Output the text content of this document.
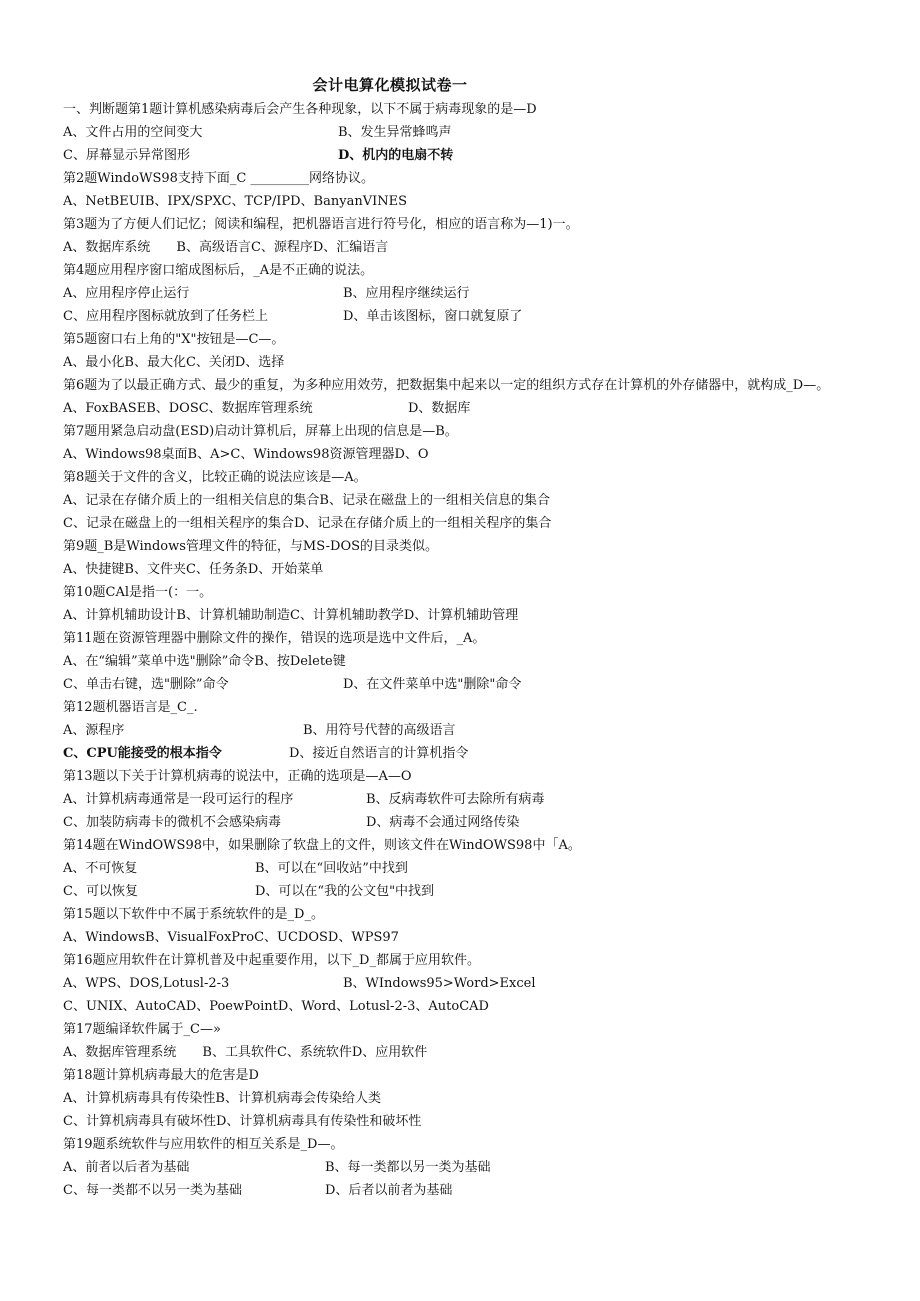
会计电算化模拟试卷一
一、判断题第1题计算机感染病毒后会产生各种现象，以下不属于病毒现象的是—D
A、文件占用的空间变大	B、发生异常蜂鸣声
C、屏幕显示异常图形	D、机内的电扇不转
第2题WindoWS98支持下面_C _________网络协议。
A、NetBEUIB、IPX/SPXC、TCP/IPD、BanyanVINES
第3题为了方便人们记忆；阅读和编程，把机器语言进行符号化，相应的语言称为—1)一。
A、数据库系统　　B、高级语言C、源程序D、汇编语言
第4题应用程序窗口缩成图标后，_A是不正确的说法。
A、应用程序停止运行	B、应用程序继续运行
C、应用程序图标就放到了任务栏上	D、单击该图标，窗口就复原了
第5题窗口右上角的"X"按钮是—C—。
A、最小化B、最大化C、关闭D、选择
第6题为了以最正确方式、最少的重复，为多种应用效劳，把数据集中起来以一定的组织方式存在计算机的外存储器中，就构成_D—。
A、FoxBASEB、DOSC、数据库管理系统	D、数据库
第7题用紧急启动盘(ESD)启动计算机后，屏幕上出现的信息是—B。
A、Windows98桌面B、A>C、Windows98资源管理器D、O
第8题关于文件的含义，比较正确的说法应该是—A。
A、记录在存储介质上的一组相关信息的集合B、记录在磁盘上的一组相关信息的集合
C、记录在磁盘上的一组相关程序的集合D、记录在存储介质上的一组相关程序的集合
第9题_B是Windows管理文件的特征，与MS-DOS的目录类似。
A、快捷键B、文件夹C、任务条D、开始菜单
第10题CAl是指一(：一。
A、计算机辅助设计B、计算机辅助制造C、计算机辅助教学D、计算机辅助管理
第11题在资源管理器中删除文件的操作，错误的选项是选中文件后，_A。
A、在“编辑”菜单中选"删除”命令B、按Delete键
C、单击右键，选"删除”命令	D、在文件菜单中选"删除"命令
第12题机器语言是_C_.
A、源程序	B、用符号代替的高级语言
C、CPU能接受的根本指令	D、接近自然语言的计算机指令
第13题以下关于计算机病毒的说法中，正确的选项是—A—O
A、计算机病毒通常是一段可运行的程序	B、反病毒软件可去除所有病毒
C、加装防病毒卡的微机不会感染病毒	D、病毒不会通过网络传染
第14题在WindOWS98中，如果删除了软盘上的文件，则该文件在WindOWS98中「A。
A、不可恢复	B、可以在“回收站”中找到
C、可以恢复	D、可以在“我的公文包"中找到
第15题以下软件中不属于系统软件的是_D_。
A、WindowsB、VisualFoxProC、UCDOSD、WPS97
第16题应用软件在计算机普及中起重要作用，以下_D_都属于应用软件。
A、WPS、DOS,Lotusl-2-3	B、WIndows95>Word>Excel
C、UNIX、AutoCAD、PoewPointD、Word、Lotusl-2-3、AutoCAD
第17题编译软件属于_C—»
A、数据库管理系统　　B、工具软件C、系统软件D、应用软件
第18题计算机病毒最大的危害是D
A、计算机病毒具有传染性B、计算机病毒会传染给人类
C、计算机病毒具有破坏性D、计算机病毒具有传染性和破坏性
第19题系统软件与应用软件的相互关系是_D—。
A、前者以后者为基础	B、每一类都以另一类为基础
C、每一类都不以另一类为基础	D、后者以前者为基础
